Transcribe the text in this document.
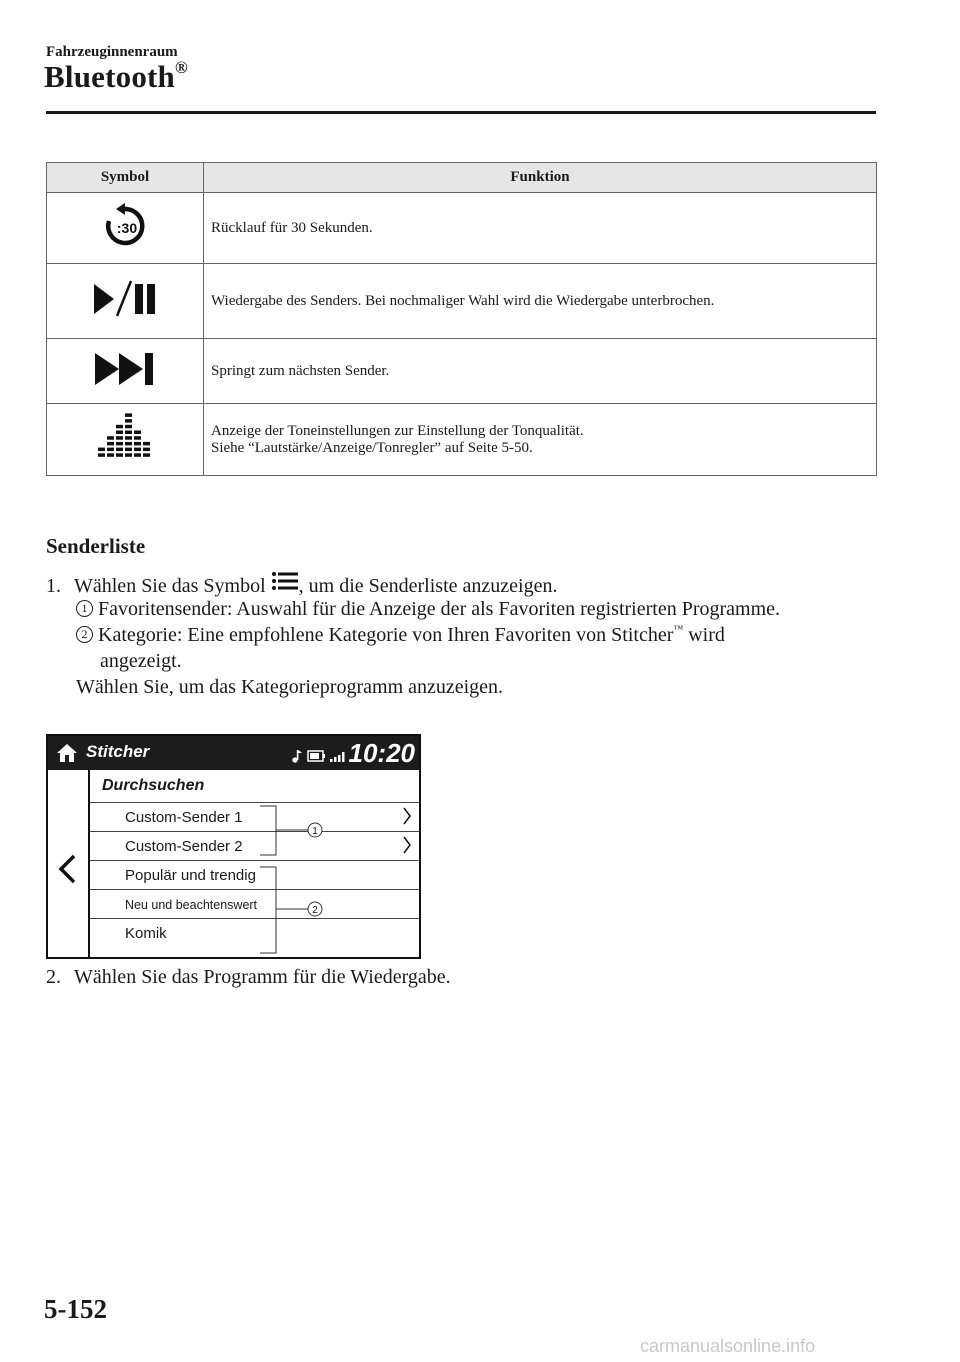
Fahrzeuginnenraum
Bluetooth®
Symbol	Funktion

:30	Rücklauf für 30 Sekunden.
	Wiedergabe des Senders. Bei nochmaliger Wahl wird die Wiedergabe unterbrochen.
	Springt zum nächsten Sender.

Anzeige der Toneinstellungen zur Einstellung der Tonqualität.
Siehe “Lautstärke/Anzeige/Tonregler” auf Seite 5-50.
Senderliste
1. Wählen Sie das Symbol , um die Senderliste anzuzeigen.
1 Favoritensender: Auswahl für die Anzeige der als Favoriten registrierten Programme.
2 Kategorie: Eine empfohlene Kategorie von Ihren Favoriten von Stitcher™ wird
angezeigt.
Wählen Sie, um das Kategorieprogramm anzuzeigen.
Stitcher	10:20
Durchsuchen
Custom-Sender 1
Custom-Sender 2
Populär und trendig
Neu und beachtenswert
Komik
1
2
2. Wählen Sie das Programm für die Wiedergabe.
5-152
carmanualsonline.info
